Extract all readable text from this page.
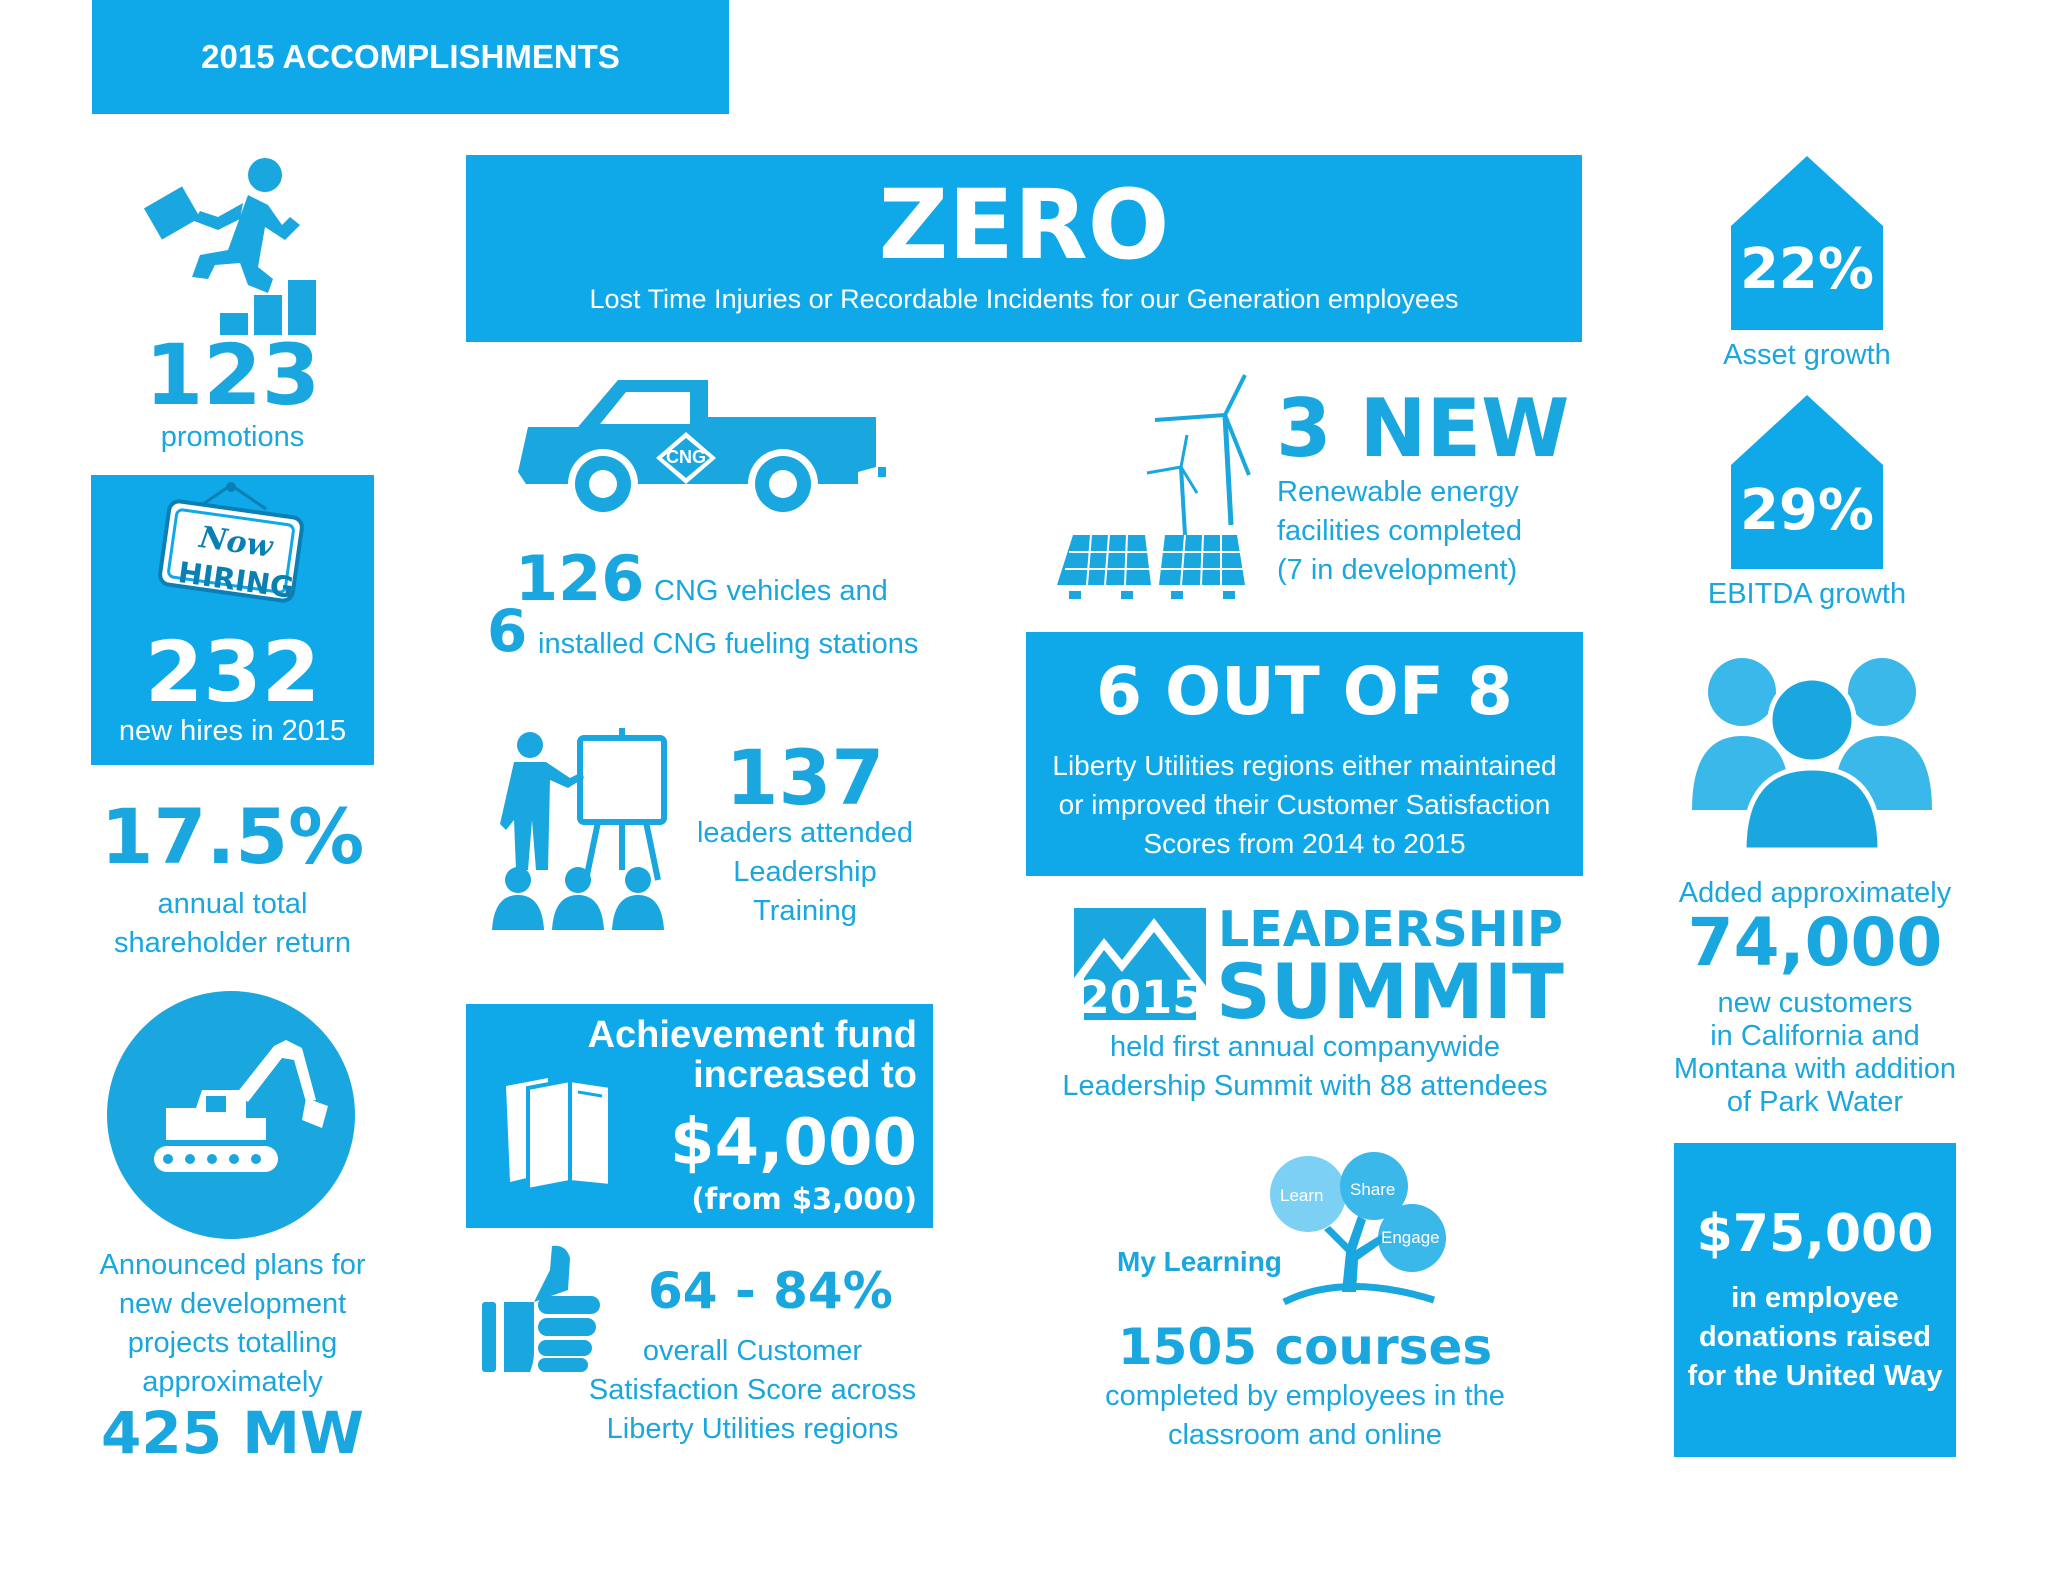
2015 ACCOMPLISHMENTS
123
promotions
Now
HIRING
232
new hires in 2015
17.5%
annual total
shareholder return
Announced plans for
new development
projects totalling
approximately
425 MW
ZERO
Lost Time Injuries or Recordable Incidents for our Generation employees
CNG
126 CNG vehicles and
6 installed CNG fueling stations
137
leaders attended
Leadership
Training
Achievement fund
increased to
$4,000
(from $3,000)
64 - 84%
overall Customer
Satisfaction Score across
Liberty Utilities regions
3 NEW
Renewable energy
facilities completed
(7 in development)
6 OUT OF 8
Liberty Utilities regions either maintained
or improved their Customer Satisfaction
Scores from 2014 to 2015
2015
LEADERSHIP
SUMMIT
held first annual companywide
Leadership Summit with 88 attendees
Learn Share
Engage
My Learning
1505 courses
completed by employees in the
classroom and online
22%
Asset growth
29%
EBITDA growth
Added approximately
74,000
new customers
in California and
Montana with addition
of Park Water
$75,000
in employee
donations raised
for the United Way
